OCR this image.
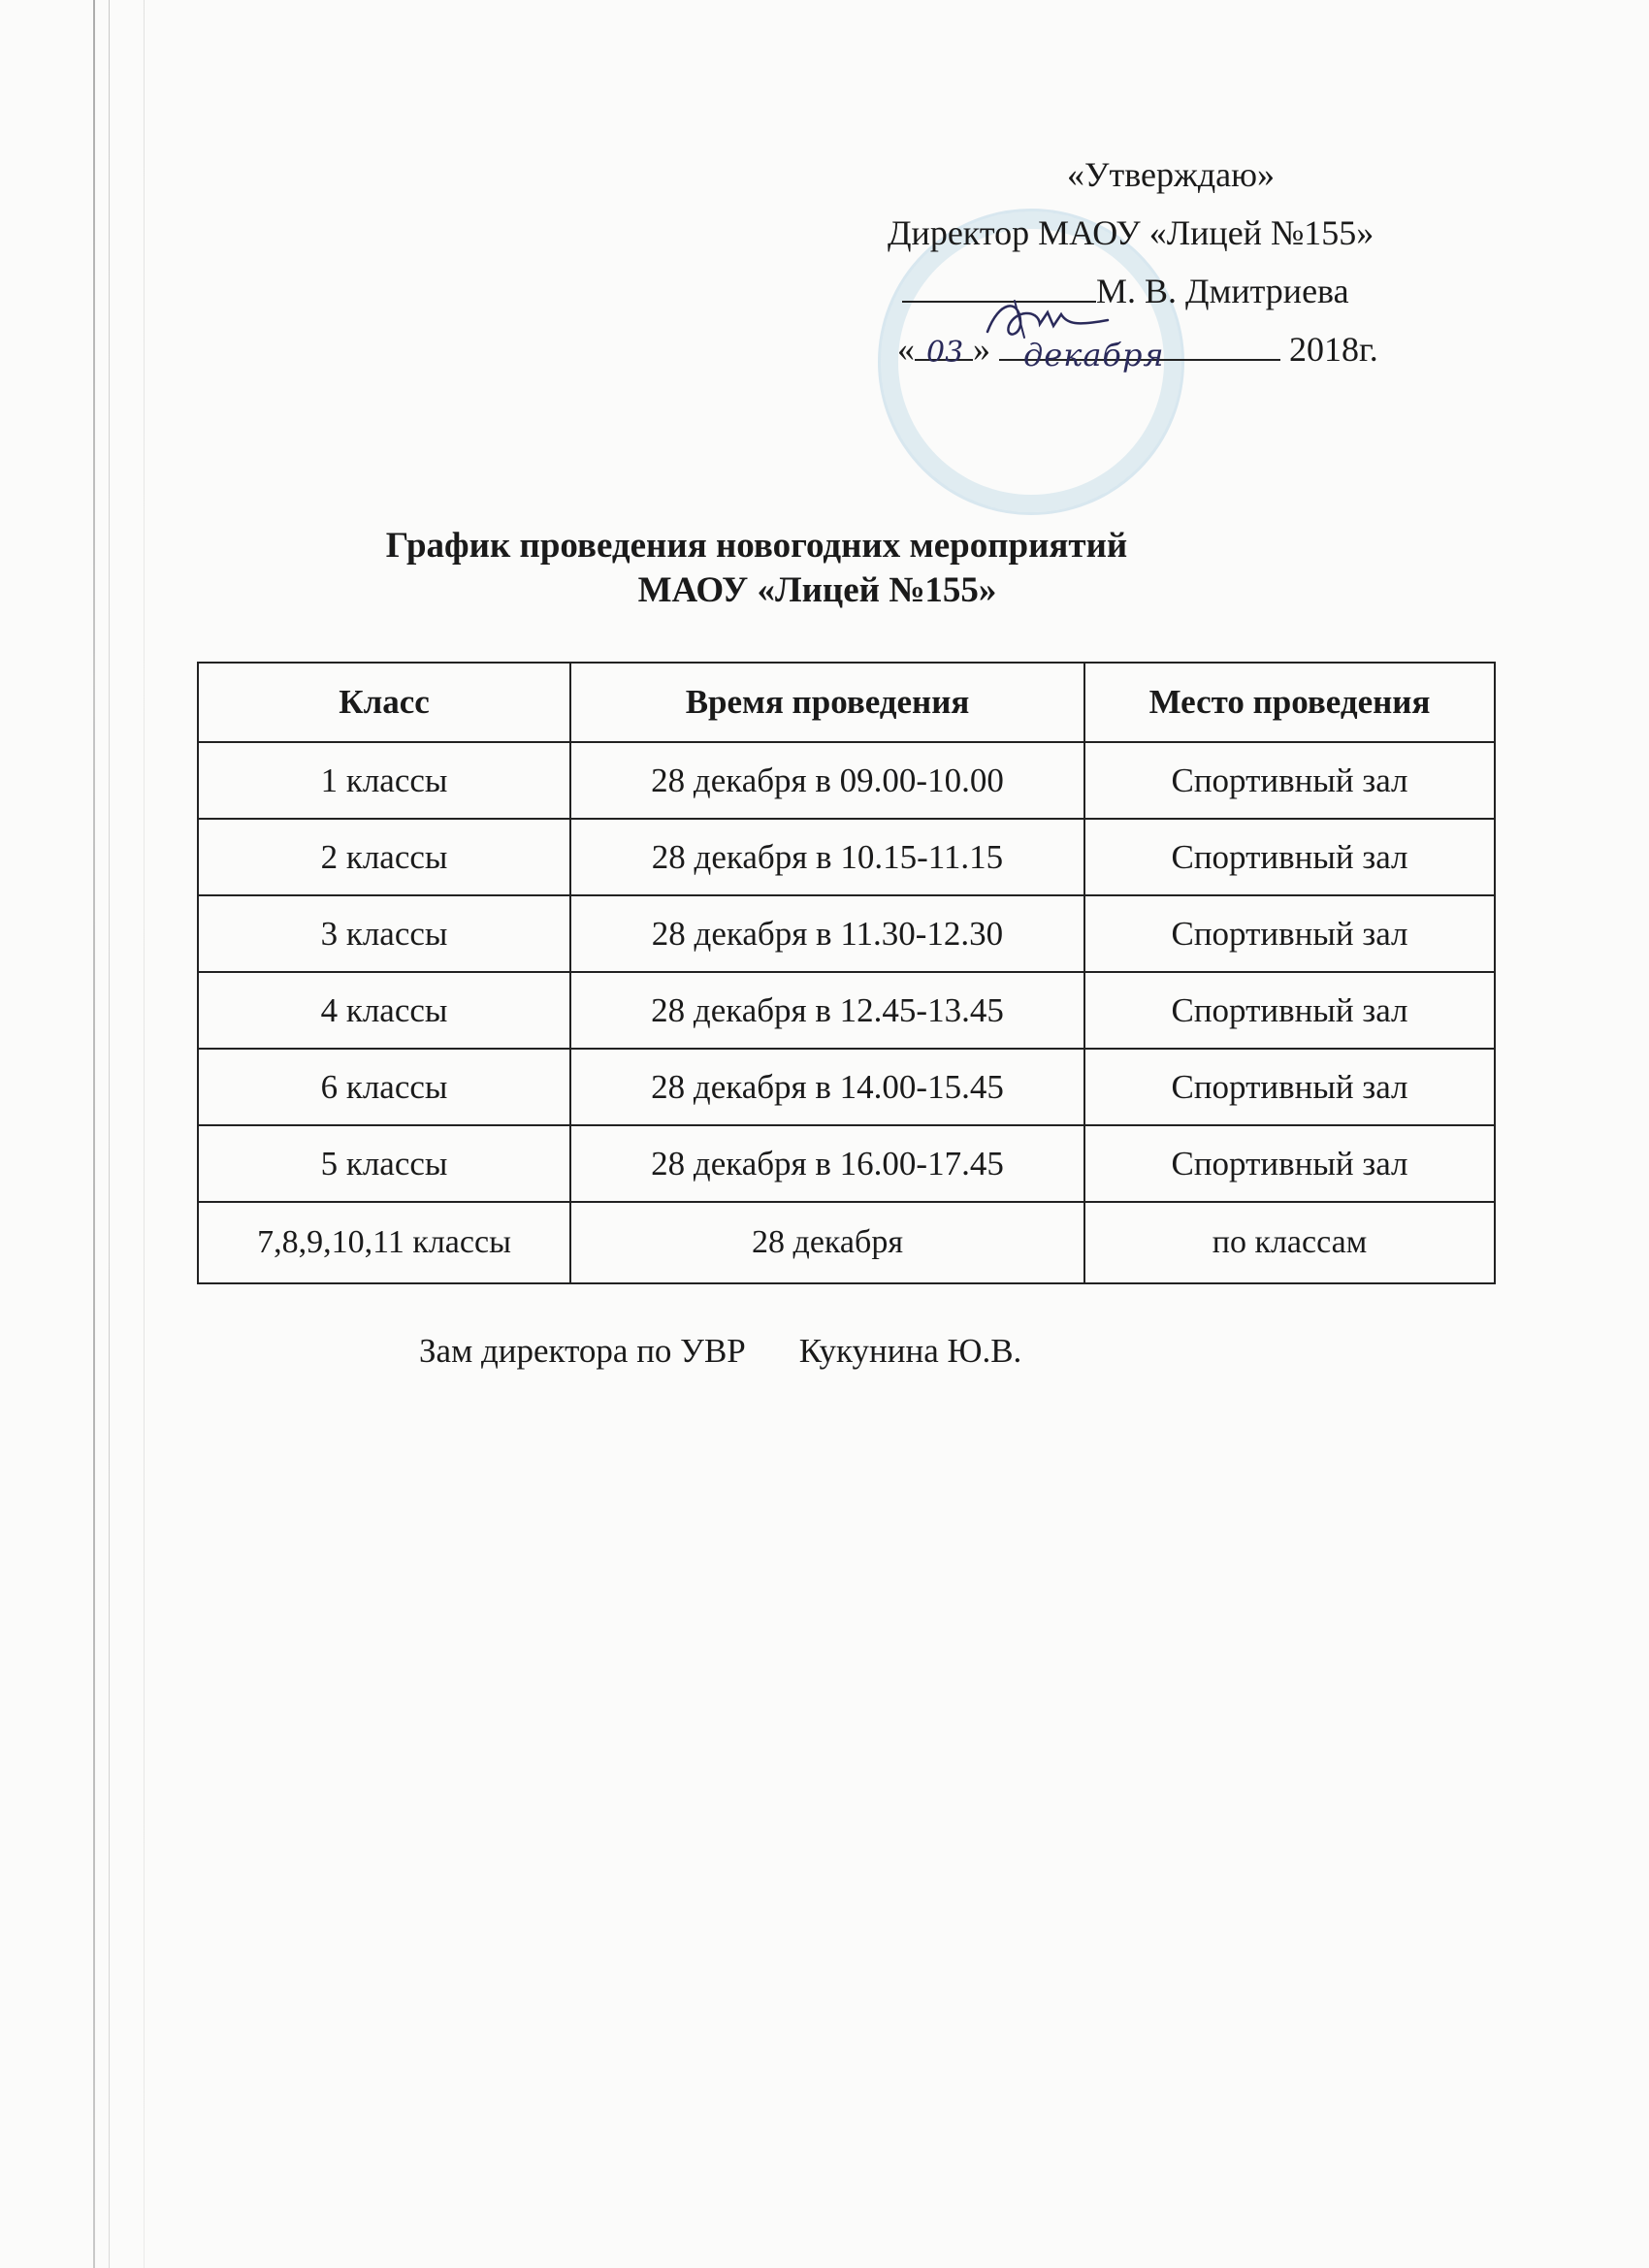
«Утверждаю»
Директор МАОУ «Лицей №155»
М. В. Дмитриева
« 03 » декабря	2018г.
График проведения новогодних мероприятий
МАОУ «Лицей №155»
Класс	Время проведения	Место проведения
1 классы	28 декабря в 09.00-10.00	Спортивный зал
2 классы	28 декабря в 10.15-11.15	Спортивный зал
3 классы	28 декабря в 11.30-12.30	Спортивный зал
4 классы	28 декабря в 12.45-13.45	Спортивный зал
6 классы	28 декабря в 14.00-15.45	Спортивный зал
5 классы	28 декабря в 16.00-17.45	Спортивный зал
7,8,9,10,11 классы	28 декабря	по классам
Зам директора по УВР Кукунина Ю.В.
